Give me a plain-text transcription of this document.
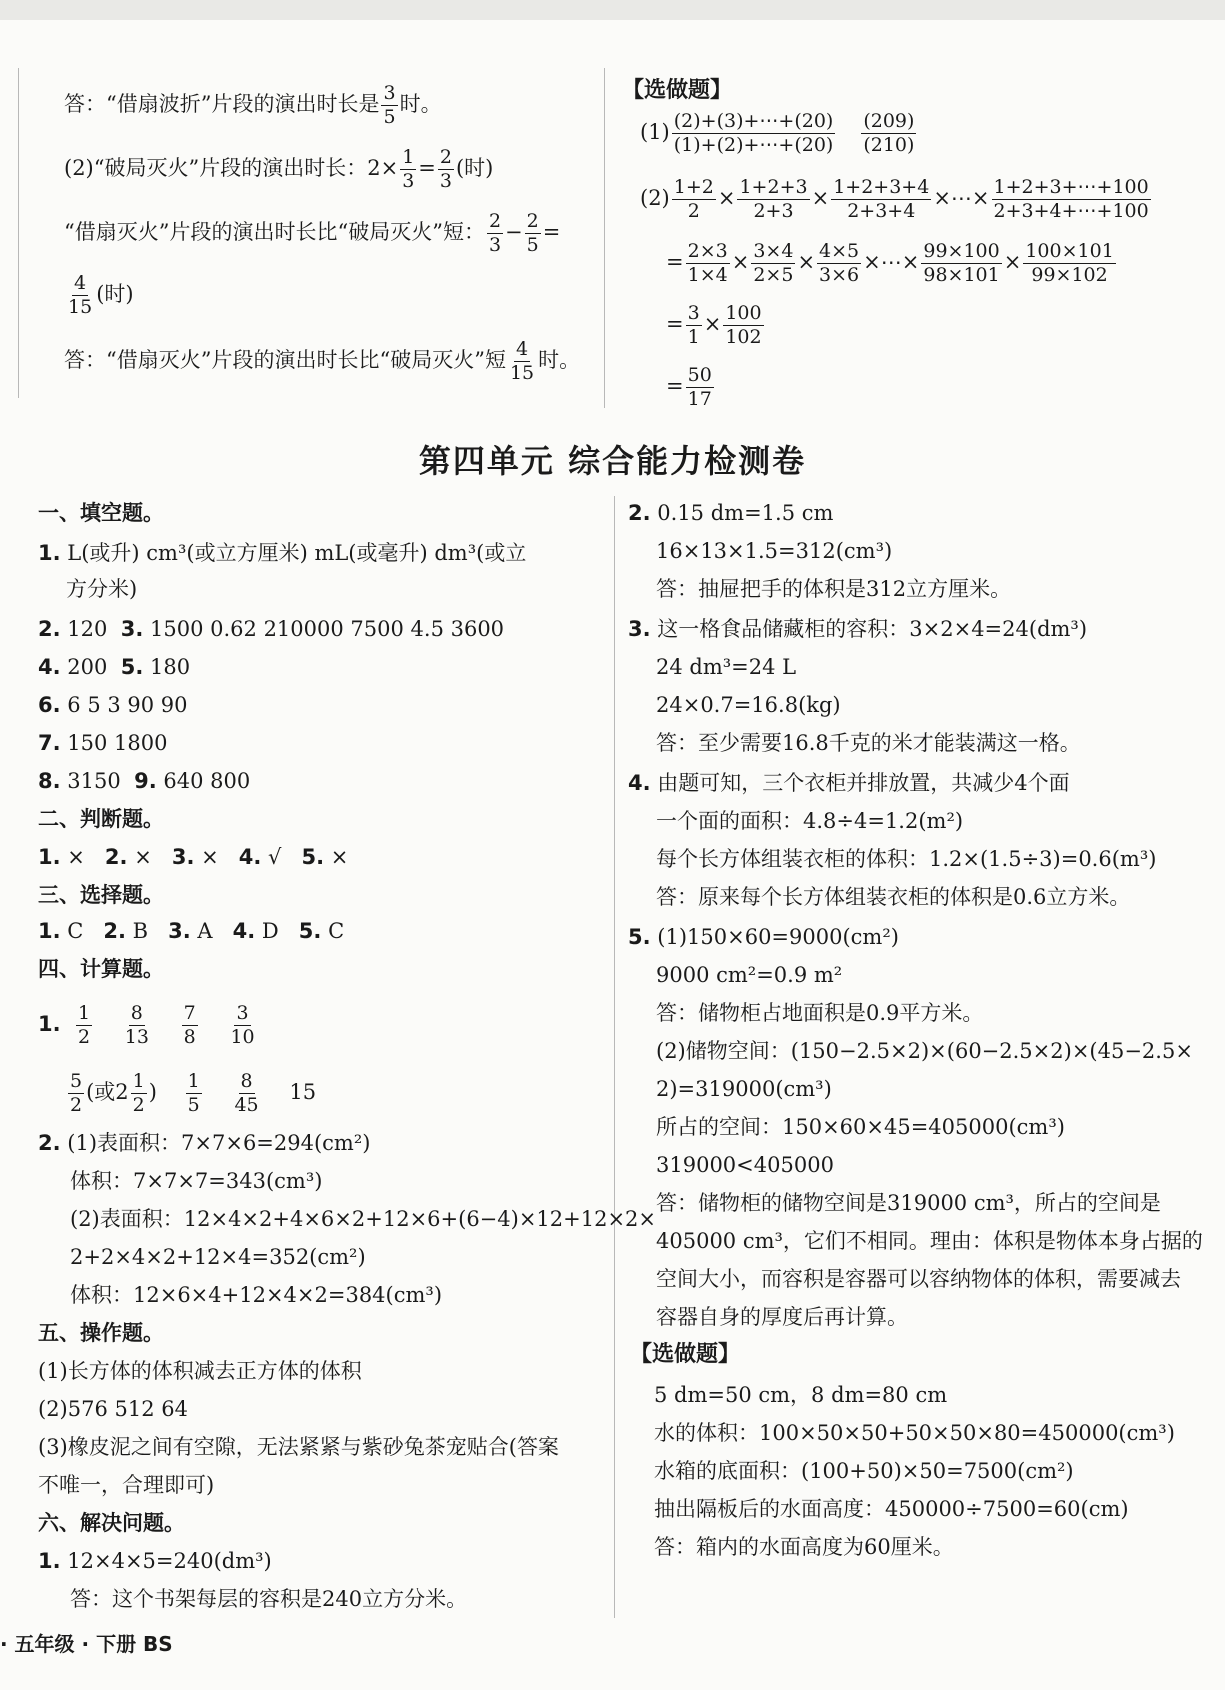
答：“借扇波折”片段的演出时长是 $\frac{3}{5}$ 时。
(2)“破局灭火”片段的演出时长：$2\times \frac{1}{3} = \frac{2}{3}$ (时)
“借扇灭火”片段的演出时长比“破局灭火”短： $\frac{2}{3} - \frac{2}{5}$ =
$\frac{4}{15}$ (时)
答：“借扇灭火”片段的演出时长比“破局灭火”短 $\frac{4}{15}$ 时。
【选做题】
$(1) \frac{(2)+(3)+\cdots+(20)}{(1)+(2)+\cdots+(20)} \frac{(209)}{(210)}$
$(2) \frac{1+2}{2} \times \frac{1+2+3}{2+3} \times \frac{1+2+3+4}{2+3+4}$ ×⋯× $\frac{1+2+3+\cdots+100}{2+3+4+\cdots+100}$
= $\frac{2\times 3}{1\times 4} \times \frac{3\times 4}{2\times 5} \times \frac{4\times 5}{3\times 6}$ ×⋯× $\frac{99\times 100}{98\times 101} \times \frac{100\times 101}{99\times 102}$
= $\frac{3}{1} \times \frac{100}{102}$
= $\frac{50}{17}$
第四单元 综合能力检测卷
一、填空题。
1. L(或升) cm³(或立方厘米) mL(或毫升) dm³(或立
方分米)
2. 120 3. 1500 0.62 210000 7500 4.5 3600
4. 200 5. 180
6. 6 5 3 90 90
7. 150 1800
8. 3150 9. 640 800
二、判断题。
1. × 2. × 3. × 4. √ 5. ×
三、选择题。
1. C 2. B 3. A 4. D 5. C
四、计算题。
1. $\frac{1}{2}$
$\frac{8}{13}$
$\frac{7}{8}$
$\frac{3}{10}$
$\frac{5}{2}$ (或$2 \frac{1}{2}$ ) $\frac{1}{5}$
$\frac{8}{45} 15$
2. (1)表面积：7×7×6=294(cm²)
体积：7×7×7=343(cm³)
(2)表面积：12×4×2+4×6×2+12×6+(6−4)×12+12×2×
2+2×4×2+12×4=352(cm²)
体积：12×6×4+12×4×2=384(cm³)
五、操作题。
(1)长方体的体积减去正方体的体积
(2)576 512 64
(3)橡皮泥之间有空隙，无法紧紧与紫砂兔茶宠贴合(答案
不唯一，合理即可)
六、解决问题。
1. 12×4×5=240(dm³)
答：这个书架每层的容积是240立方分米。
2. 0.15 dm=1.5 cm
16×13×1.5=312(cm³)
答：抽屉把手的体积是312立方厘米。
3. 这一格食品储藏柜的容积：3×2×4=24(dm³)
24 dm³=24 L
24×0.7=16.8(kg)
答：至少需要16.8千克的米才能装满这一格。
4. 由题可知，三个衣柜并排放置，共减少4个面
一个面的面积：4.8÷4=1.2(m²)
每个长方体组装衣柜的体积：1.2×(1.5÷3)=0.6(m³)
答：原来每个长方体组装衣柜的体积是0.6立方米。
5. (1)150×60=9000(cm²)
9000 cm²=0.9 m²
答：储物柜占地面积是0.9平方米。
(2)储物空间：(150−2.5×2)×(60−2.5×2)×(45−2.5×
2)=319000(cm³)
所占的空间：150×60×45=405000(cm³)
319000<405000
答：储物柜的储物空间是319000 cm³，所占的空间是
405000 cm³，它们不相同。理由：体积是物体本身占据的
空间大小，而容积是容器可以容纳物体的体积，需要减去
容器自身的厚度后再计算。
【选做题】
5 dm=50 cm，8 dm=80 cm
水的体积：100×50×50+50×50×80=450000(cm³)
水箱的底面积：(100+50)×50=7500(cm²)
抽出隔板后的水面高度：450000÷7500=60(cm)
答：箱内的水面高度为60厘米。
· 五年级 · 下册 BS
